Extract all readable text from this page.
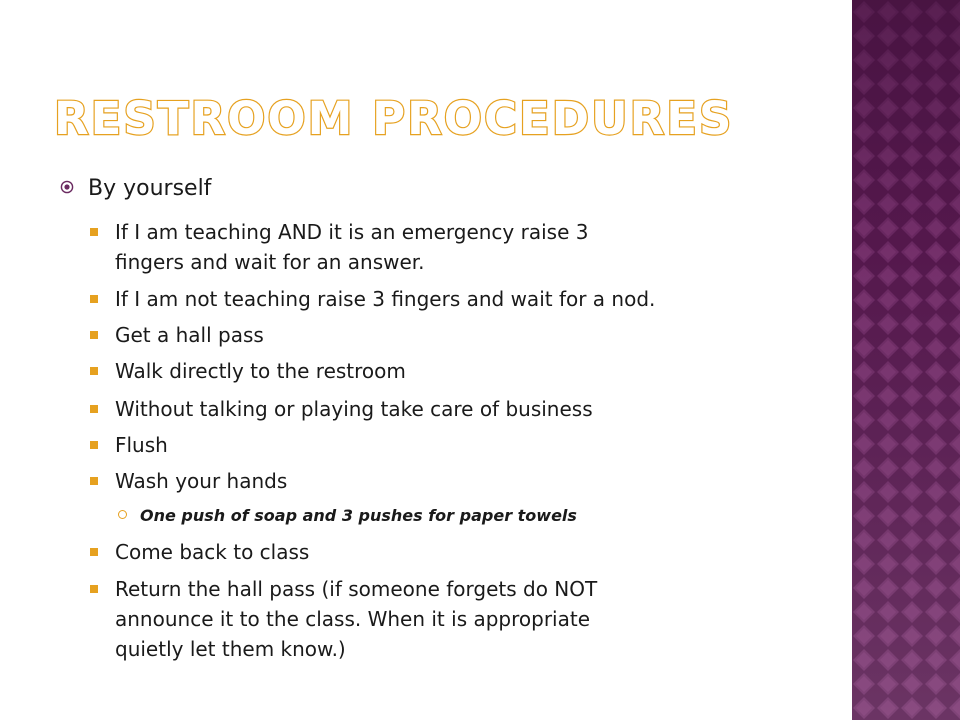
RESTROOM PROCEDURES
By yourself
If I am teaching AND it is an emergency raise 3
fingers and wait for an answer.
If I am not teaching raise 3 fingers and wait for a nod.
Get a hall pass
Walk directly to the restroom
Without talking or playing take care of business
Flush
Wash your hands
One push of soap and 3 pushes for paper towels
Come back to class
Return the hall pass (if someone forgets do NOT
announce it to the class. When it is appropriate
quietly let them know.)
